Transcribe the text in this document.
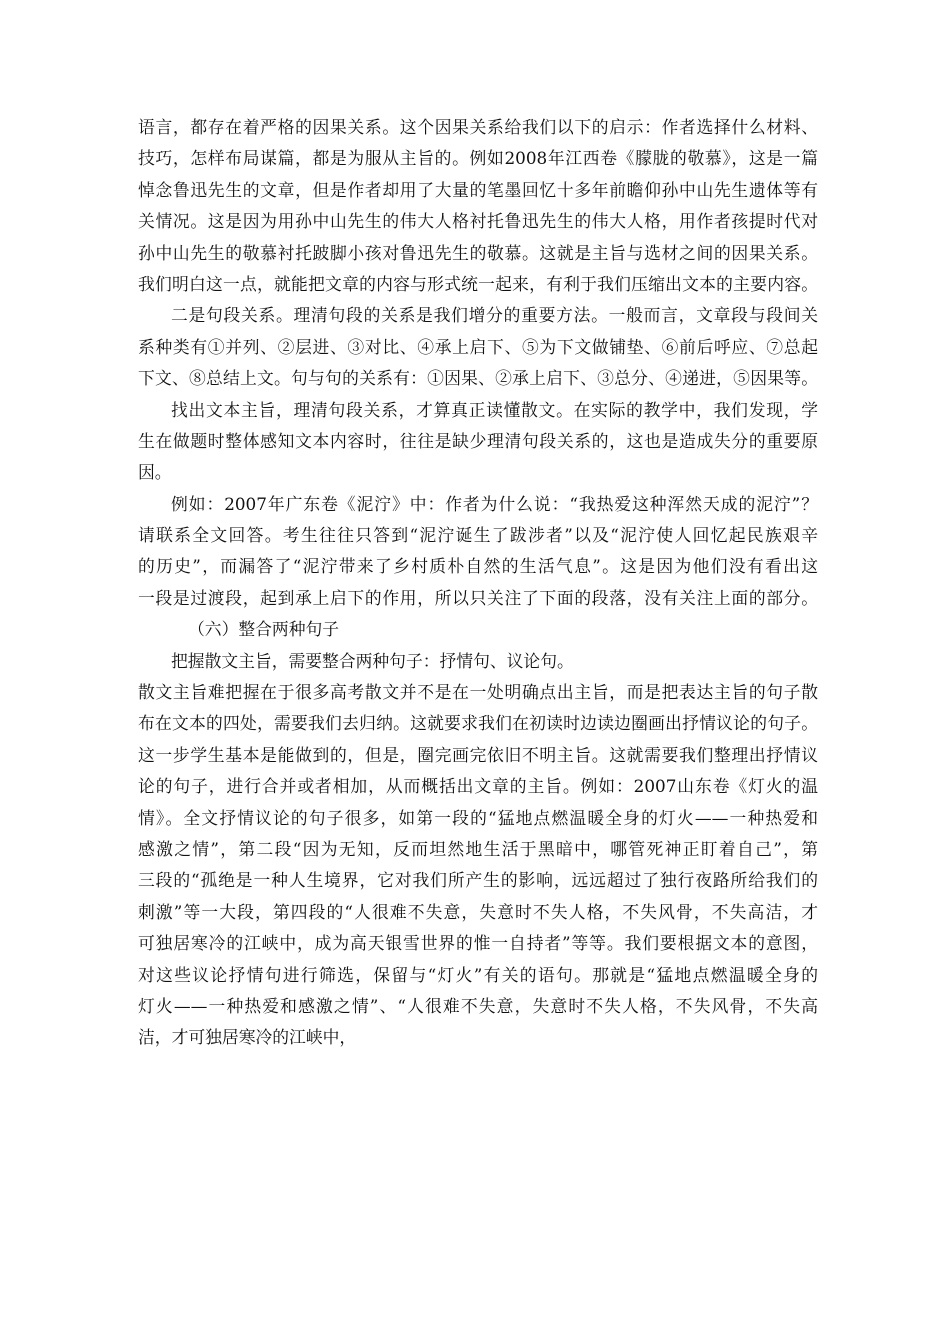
语言，都存在着严格的因果关系。这个因果关系给我们以下的启示：作者选择什么材料、
技巧，怎样布局谋篇，都是为服从主旨的。例如2008年江西卷《朦胧的敬慕》，这是一篇
悼念鲁迅先生的文章，但是作者却用了大量的笔墨回忆十多年前瞻仰孙中山先生遗体等有
关情况。这是因为用孙中山先生的伟大人格衬托鲁迅先生的伟大人格，用作者孩提时代对
孙中山先生的敬慕衬托跛脚小孩对鲁迅先生的敬慕。这就是主旨与选材之间的因果关系。
我们明白这一点，就能把文章的内容与形式统一起来，有利于我们压缩出文本的主要内容。
二是句段关系。理清句段的关系是我们增分的重要方法。一般而言，文章段与段间关
系种类有①并列、②层进、③对比、④承上启下、⑤为下文做铺垫、⑥前后呼应、⑦总起
下文、⑧总结上文。句与句的关系有：①因果、②承上启下、③总分、④递进，⑤因果等。
找出文本主旨，理清句段关系，才算真正读懂散文。在实际的教学中，我们发现，学
生在做题时整体感知文本内容时，往往是缺少理清句段关系的，这也是造成失分的重要原
因。
例如：2007年广东卷《泥泞》中：作者为什么说：“我热爱这种浑然天成的泥泞”？
请联系全文回答。考生往往只答到“泥泞诞生了跋涉者”以及“泥泞使人回忆起民族艰辛
的历史”，而漏答了“泥泞带来了乡村质朴自然的生活气息”。这是因为他们没有看出这
一段是过渡段，起到承上启下的作用，所以只关注了下面的段落，没有关注上面的部分。
（六）整合两种句子
把握散文主旨，需要整合两种句子：抒情句、议论句。
散文主旨难把握在于很多高考散文并不是在一处明确点出主旨，而是把表达主旨的句子散
布在文本的四处，需要我们去归纳。这就要求我们在初读时边读边圈画出抒情议论的句子。
这一步学生基本是能做到的，但是，圈完画完依旧不明主旨。这就需要我们整理出抒情议
论的句子，进行合并或者相加，从而概括出文章的主旨。例如：2007山东卷《灯火的温
情》。全文抒情议论的句子很多，如第一段的“猛地点燃温暖全身的灯火——一种热爱和
感激之情”，第二段“因为无知，反而坦然地生活于黑暗中，哪管死神正盯着自己”，第
三段的“孤绝是一种人生境界，它对我们所产生的影响，远远超过了独行夜路所给我们的
刺激”等一大段，第四段的“人很难不失意，失意时不失人格，不失风骨，不失高洁，才
可独居寒冷的江峡中，成为高天银雪世界的惟一自持者”等等。我们要根据文本的意图，
对这些议论抒情句进行筛选，保留与“灯火”有关的语句。那就是“猛地点燃温暖全身的
灯火——一种热爱和感激之情”、“人很难不失意，失意时不失人格，不失风骨，不失高
洁，才可独居寒冷的江峡中，
